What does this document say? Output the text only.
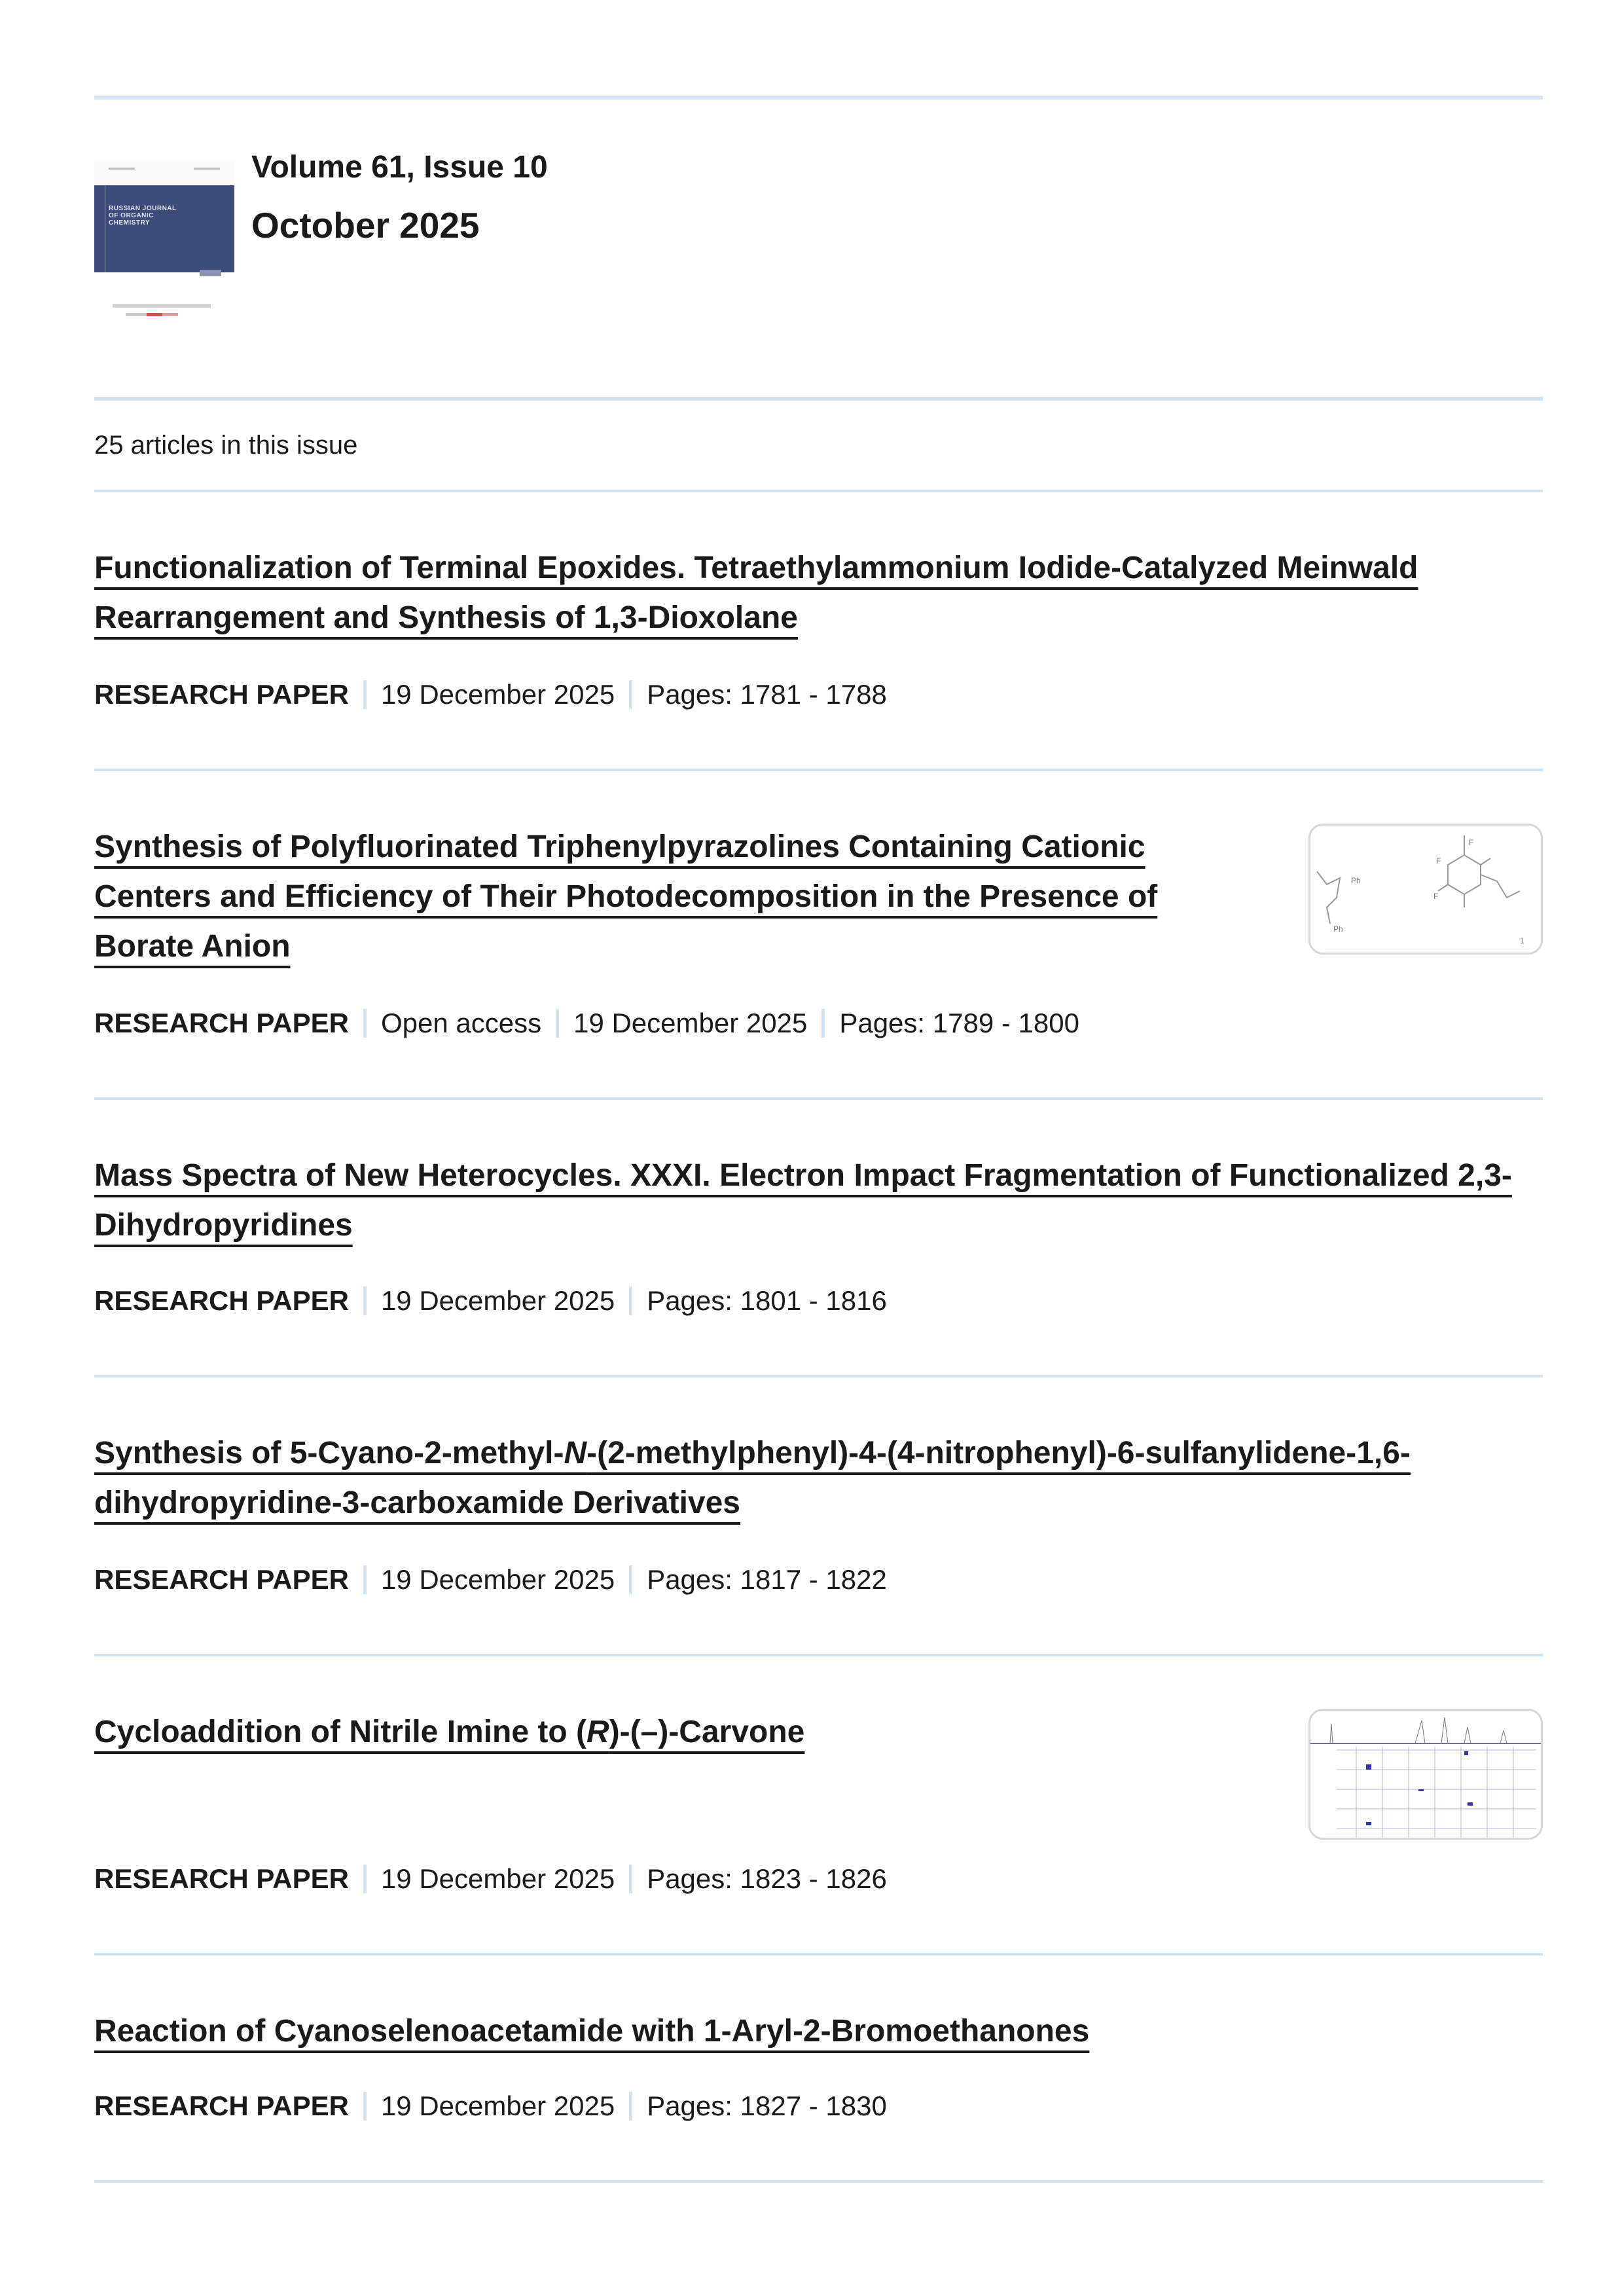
RUSSIAN JOURNAL OF ORGANIC CHEMISTRY
Volume 61, Issue 10
October 2025
25 articles in this issue
Functionalization of Terminal Epoxides. Tetraethylammonium Iodide-Catalyzed Meinwald Rearrangement and Synthesis of 1,3-Dioxolane
RESEARCH PAPER 19 December 2025 Pages: 1781 - 1788
Synthesis of Polyfluorinated Triphenylpyrazolines Containing Cationic Centers and Efficiency of Their Photodecomposition in the Presence of Borate Anion
Ph
Ph
F
F
F
1
RESEARCH PAPER Open access 19 December 2025 Pages: 1789 - 1800
Mass Spectra of New Heterocycles. XXXI. Electron Impact Fragmentation of Functionalized 2,3-Dihydropyridines
RESEARCH PAPER 19 December 2025 Pages: 1801 - 1816
Synthesis of 5-Cyano-2-methyl-N-(2-methylphenyl)-4-(4-nitrophenyl)-6-sulfanylidene-1,6-dihydropyridine-3-carboxamide Derivatives
RESEARCH PAPER 19 December 2025 Pages: 1817 - 1822
Cycloaddition of Nitrile Imine to (R)-(–)-Carvone
RESEARCH PAPER 19 December 2025 Pages: 1823 - 1826
Reaction of Cyanoselenoacetamide with 1-Aryl-2-Bromoethanones
RESEARCH PAPER 19 December 2025 Pages: 1827 - 1830
